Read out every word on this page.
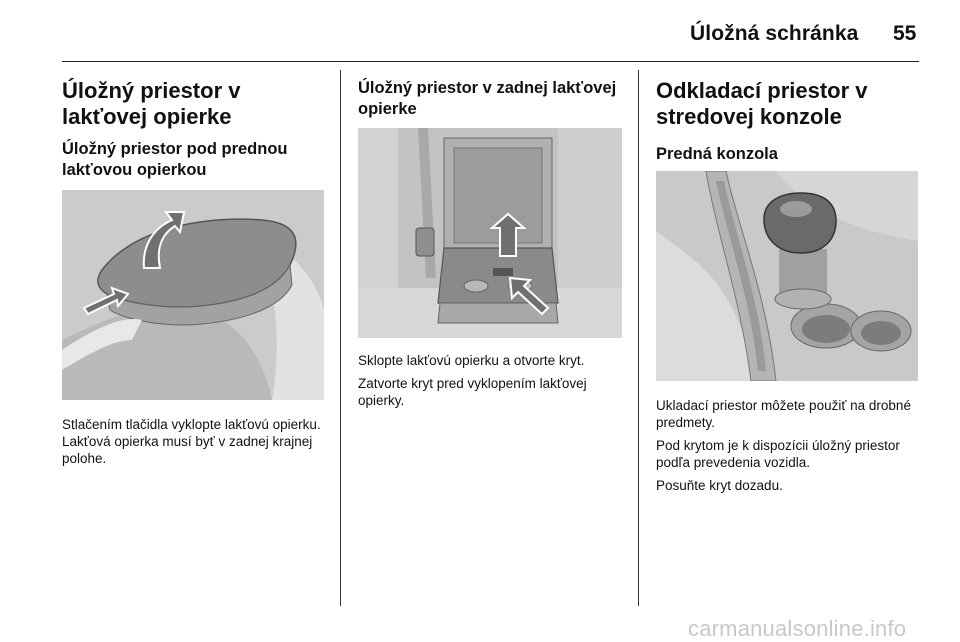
Úložná schránka 55
Úložný priestor v lakťovej opierke
Úložný priestor pod prednou lakťovou opierkou

Stlačením tlačidla vyklopte lakťovú opierku. Lakťová opierka musí byť v zadnej krajnej polohe.

Úložný priestor v zadnej lakťovej opierke

Sklopte lakťovú opierku a otvorte kryt.

Zatvorte kryt pred vyklopením lakťovej opierky.

Odkladací priestor v stredovej konzole
Predná konzola

Ukladací priestor môžete použiť na drobné predmety.

Pod krytom je k dispozícii úložný priestor podľa prevedenia vozidla.

Posuňte kryt dozadu.

carmanualsonline.info
